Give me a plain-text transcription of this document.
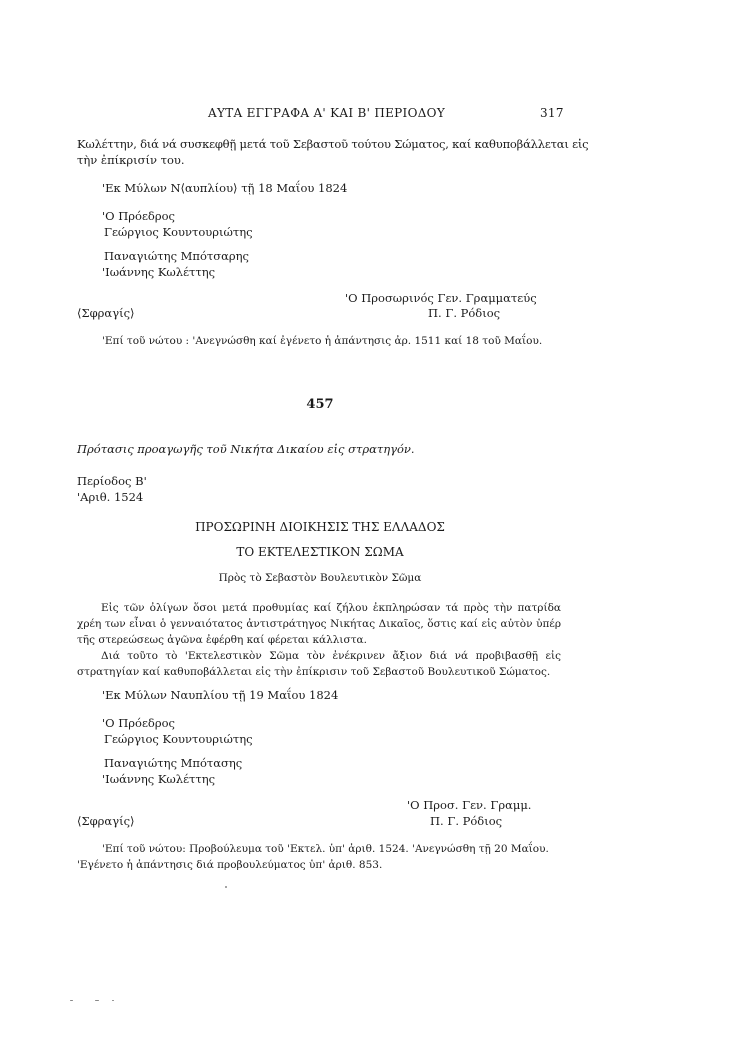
ΑΥΤΑ ΕΓΓΡΑΦΑ Α' ΚΑΙ Β' ΠΕΡΙΟΔΟΥ	317
Κωλέττην, διά νά συσκεφθῇ μετά τοῦ Σεβαστοῦ τούτου Σώματος, καί καθυποβάλλεται εἰς
τὴν ἐπίκρισίν του.
'Εκ Μύλων Ν⟨αυπλίου⟩ τῇ 18 Μαΐου 1824
'Ο Πρόεδρος
Γεώργιος Κουντουριώτης
Παναγιώτης Μπότσαρης
'Ιωάννης Κωλέττης
'Ο Προσωρινός Γεν. Γραμματεύς
⟨Σφραγίς⟩	Π. Γ. Ρόδιος
'Επί τοῦ νώτου : 'Ανεγνώσθη καί ἐγένετο ἡ ἀπάντησις ἀρ. 1511 καί 18 τοῦ Μαΐου.
457
Πρότασις προαγωγῆς τοῦ Νικήτα Δικαίου εἰς στρατηγόν.
Περίοδος Β'
'Αριθ. 1524
ΠΡΟΣΩΡΙΝΗ ΔΙΟΙΚΗΣΙΣ ΤΗΣ ΕΛΛΑΔΟΣ
ΤΟ ΕΚΤΕΛΕΣΤΙΚΟΝ ΣΩΜΑ
Πρὸς τὸ Σεβαστὸν Βουλευτικὸν Σῶμα
Εἰς τῶν ὀλίγων ὅσοι μετά προθυμίας καί ζήλου ἐκπληρώσαν τά πρὸς τὴν πατρίδα χρέη των εἶναι ὁ γενναιότατος ἀντιστράτηγος Νικήτας Δικαῖος, ὅστις καί εἰς αὐτὸν ὑπέρ τῆς στερεώσεως ἀγῶνα ἐφέρθη καί φέρεται κάλλιστα.
Διά τοῦτο τὸ 'Εκτελεστικὸν Σῶμα τὸν ἐνέκρινεν ἄξιον διά νά προβιβασθῇ εἰς στρατηγίαν καί καθυποβάλλεται εἰς τὴν ἐπίκρισιν τοῦ Σεβαστοῦ Βουλευτικοῦ Σώματος.
'Εκ Μύλων Ναυπλίου τῇ 19 Μαΐου 1824
'Ο Πρόεδρος
Γεώργιος Κουντουριώτης
Παναγιώτης Μπότασης
'Ιωάννης Κωλέττης
'Ο Προσ. Γεν. Γραμμ.
⟨Σφραγίς⟩	Π. Γ. Ρόδιος
'Επί τοῦ νώτου: Προβούλευμα τοῦ 'Εκτελ. ὑπ' ἀριθ. 1524. 'Ανεγνώσθη τῇ 20 Μαΐου.
'Εγένετο ἡ ἀπάντησις διά προβουλεύματος ὑπ' ἀριθ. 853.
